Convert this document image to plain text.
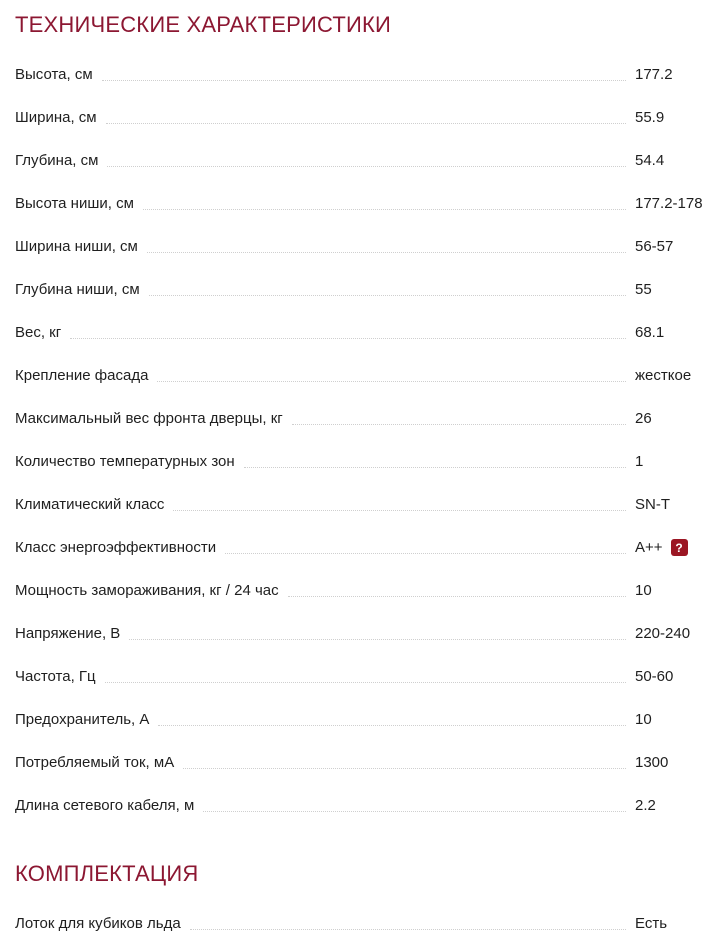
ТЕХНИЧЕСКИЕ ХАРАКТЕРИСТИКИ
Высота, см	177.2
Ширина, см	55.9
Глубина, см	54.4
Высота ниши, см	177.2-178
Ширина ниши, см	56-57
Глубина ниши, см	55
Вес, кг	68.1
Крепление фасада	жесткое
Максимальный вес фронта дверцы, кг	26
Количество температурных зон	1
Климатический класс	SN-T
Класс энергоэффективности	A++	?
Мощность замораживания, кг / 24 час	10
Напряжение, В	220-240
Частота, Гц	50-60
Предохранитель, А	10
Потребляемый ток, мА	1300
Длина сетевого кабеля, м	2.2
КОМПЛЕКТАЦИЯ
Лоток для кубиков льда	Есть
